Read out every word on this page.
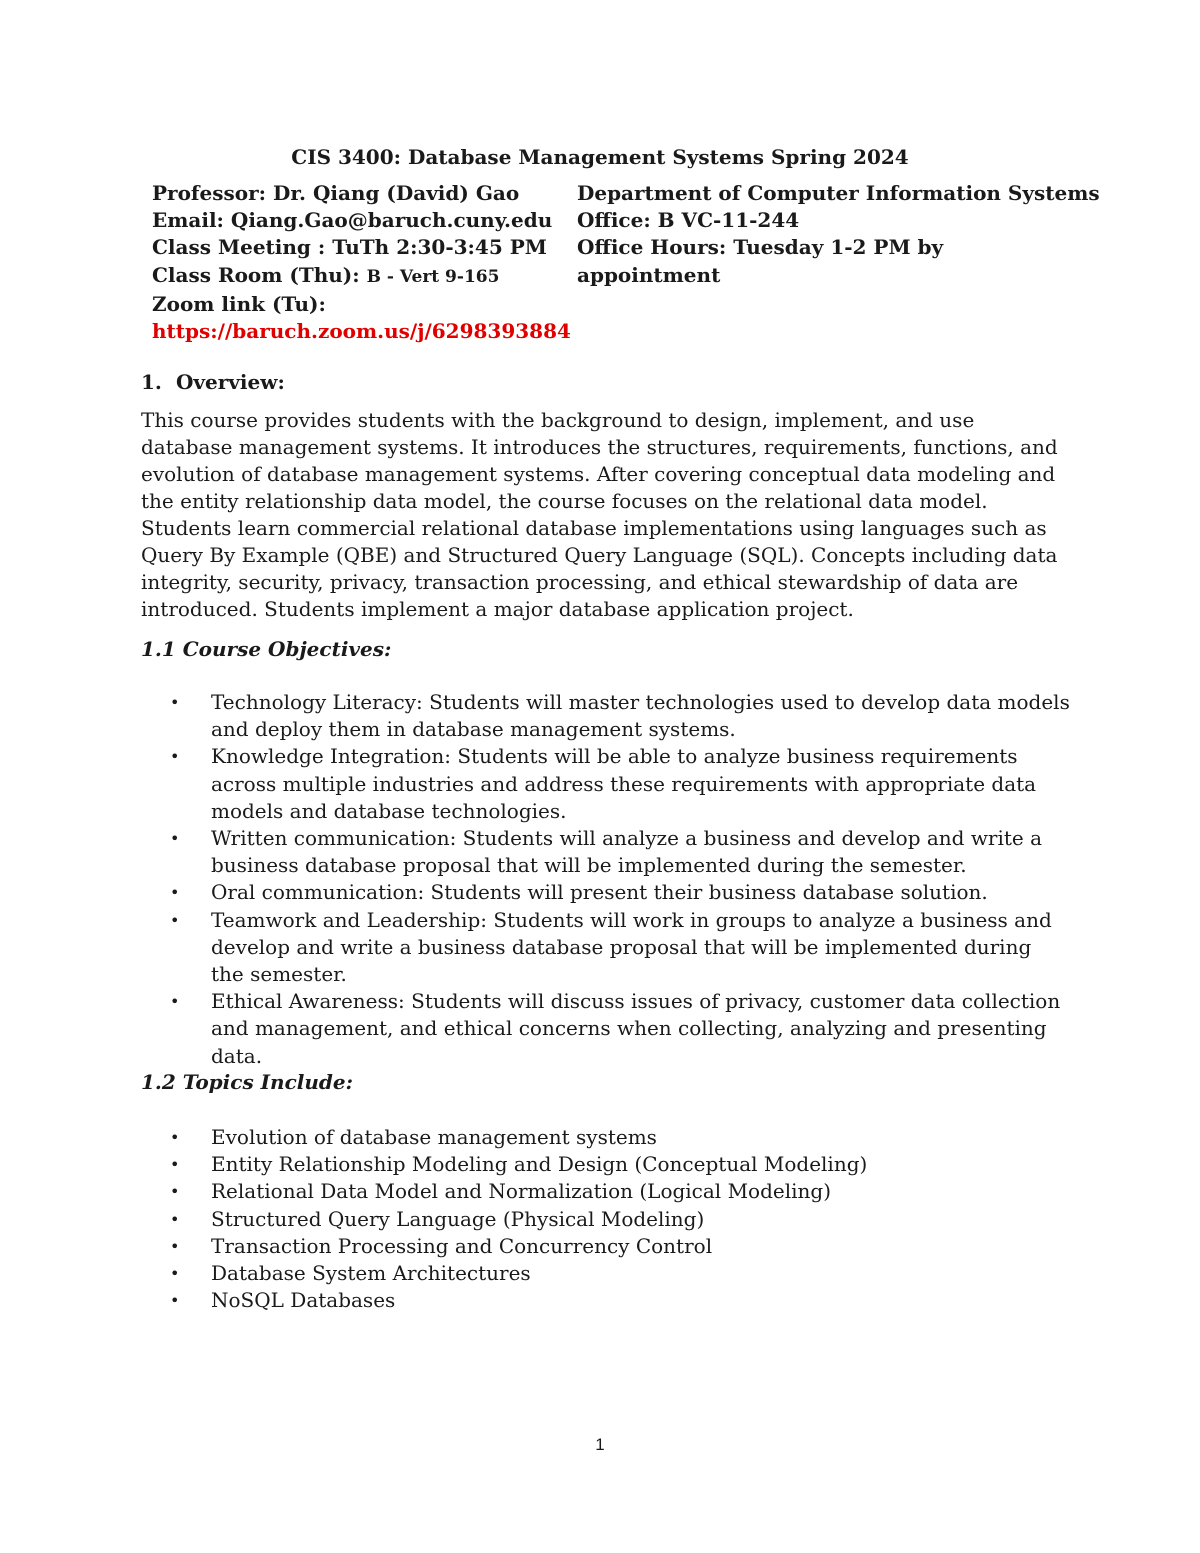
CIS 3400: Database Management Systems Spring 2024
Professor: Dr. Qiang (David) Gao
Email: Qiang.Gao@baruch.cuny.edu
Class Meeting : TuTh 2:30-3:45 PM
Class Room (Thu): B - Vert 9-165
Zoom link (Tu):
https://baruch.zoom.us/j/6298393884
Department of Computer Information Systems
Office: B VC-11-244
Office Hours: Tuesday 1-2 PM by
appointment
1. Overview:
This course provides students with the background to design, implement, and use database management systems. It introduces the structures, requirements, functions, and evolution of database management systems. After covering conceptual data modeling and the entity relationship data model, the course focuses on the relational data model. Students learn commercial relational database implementations using languages such as Query By Example (QBE) and Structured Query Language (SQL). Concepts including data integrity, security, privacy, transaction processing, and ethical stewardship of data are introduced. Students implement a major database application project.
1.1 Course Objectives:
• Technology Literacy: Students will master technologies used to develop data models and deploy them in database management systems.
• Knowledge Integration: Students will be able to analyze business requirements across multiple industries and address these requirements with appropriate data models and database technologies.
• Written communication: Students will analyze a business and develop and write a business database proposal that will be implemented during the semester.
• Oral communication: Students will present their business database solution.
• Teamwork and Leadership: Students will work in groups to analyze a business and develop and write a business database proposal that will be implemented during the semester.
• Ethical Awareness: Students will discuss issues of privacy, customer data collection and management, and ethical concerns when collecting, analyzing and presenting data.
1.2 Topics Include:
• Evolution of database management systems
• Entity Relationship Modeling and Design (Conceptual Modeling)
• Relational Data Model and Normalization (Logical Modeling)
• Structured Query Language (Physical Modeling)
• Transaction Processing and Concurrency Control
• Database System Architectures
• NoSQL Databases
1
